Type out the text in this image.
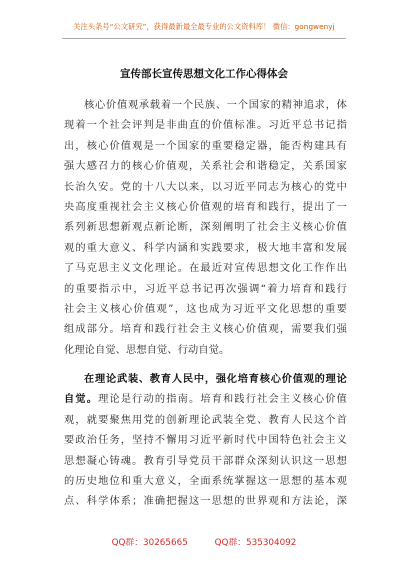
关注头条号“公文研究”，获得最新最全最专业的公文资料库！ 微信：gongwenyj
宣传部长宣传思想文化工作心得体会
核心价值观承载着一个民族、一个国家的精神追求，体
现着一个社会评判是非曲直的价值标准。习近平总书记指
出，核心价值观是一个国家的重要稳定器，能否构建具有
强大感召力的核心价值观，关系社会和谐稳定，关系国家
长治久安。党的十八大以来，以习近平同志为核心的党中
央高度重视社会主义核心价值观的培育和践行，提出了一
系列新思想新观点新论断，深刻阐明了社会主义核心价值
观的重大意义、科学内涵和实践要求，极大地丰富和发展
了马克思主义文化理论。在最近对宣传思想文化工作作出
的重要指示中，习近平总书记再次强调“着力培育和践行
社会主义核心价值观”，这也成为习近平文化思想的重要
组成部分。培育和践行社会主义核心价值观，需要我们强
化理论自觉、思想自觉、行动自觉。
在理论武装、教育人民中，强化培育核心价值观的理论
自觉。理论是行动的指南。培育和践行社会主义核心价值
观，就要聚焦用党的创新理论武装全党、教育人民这个首
要政治任务，坚持不懈用习近平新时代中国特色社会主义
思想凝心铸魂。教育引导党员干部群众深刻认识这一思想
的历史地位和重大意义，全面系统掌握这一思想的基本观
点、科学体系；准确把握这一思想的世界观和方法论，深
QQ群：30265665	QQ群：535304092
